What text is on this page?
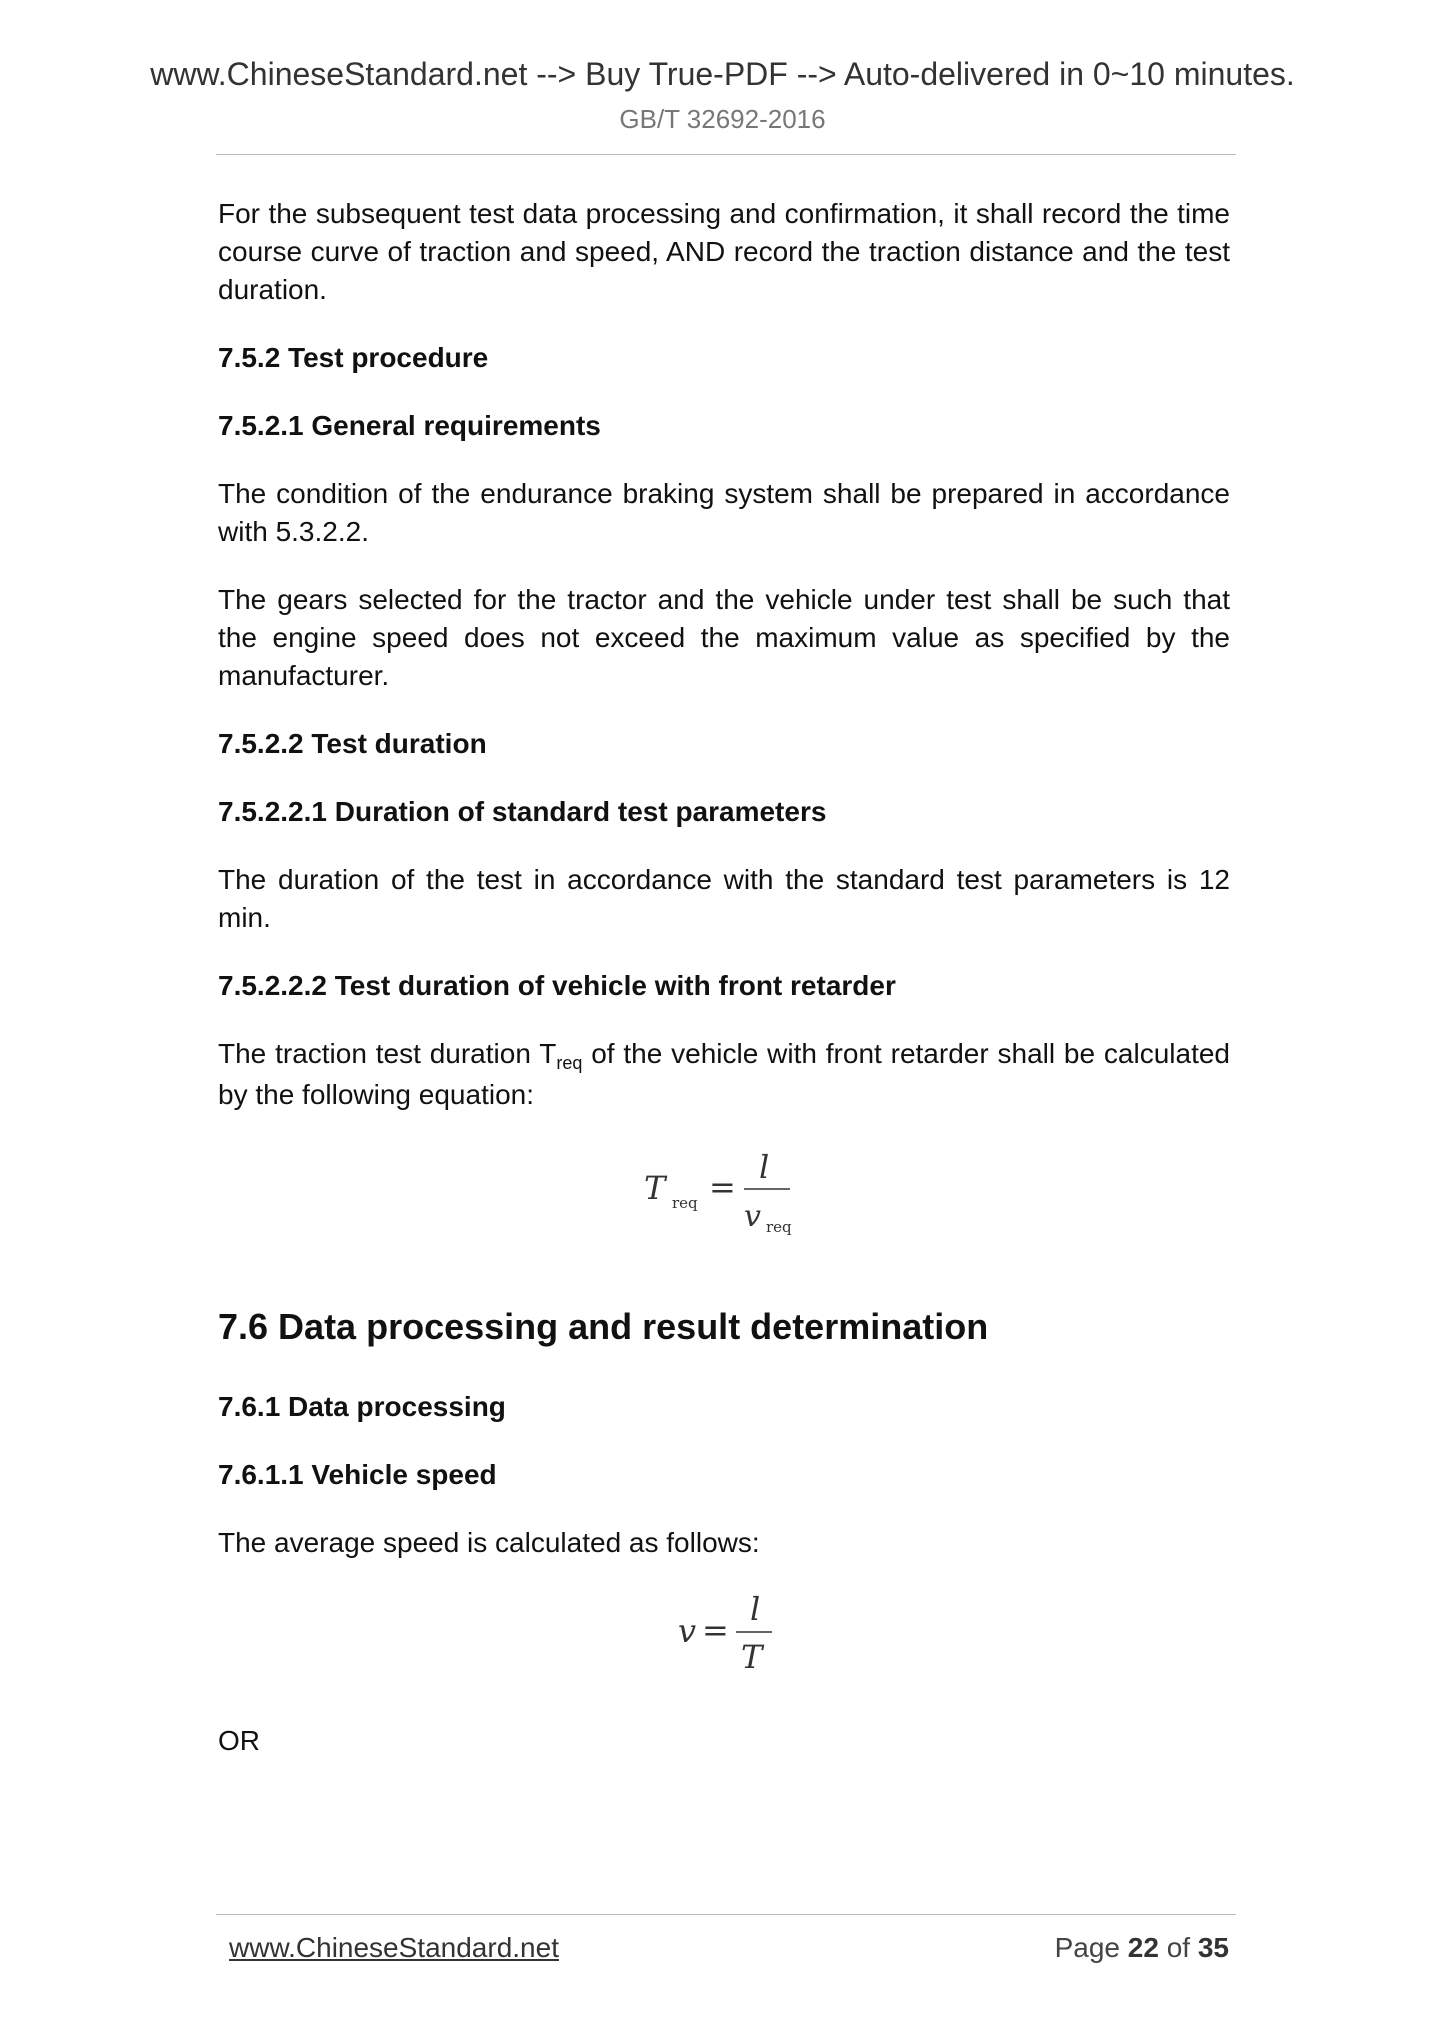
www.ChineseStandard.net --> Buy True-PDF --> Auto-delivered in 0~10 minutes.
GB/T 32692-2016

For the subsequent test data processing and confirmation, it shall record the time course curve of traction and speed, AND record the traction distance and the test duration.

7.5.2 Test procedure
7.5.2.1 General requirements

The condition of the endurance braking system shall be prepared in accordance with 5.3.2.2.

The gears selected for the tractor and the vehicle under test shall be such that the engine speed does not exceed the maximum value as specified by the manufacturer.

7.5.2.2 Test duration
7.5.2.2.1 Duration of standard test parameters

The duration of the test in accordance with the standard test parameters is 12 min.

7.5.2.2.2 Test duration of vehicle with front retarder

The traction test duration $T_{req}$ of the vehicle with front retarder shall be calculated by the following equation:

T req =
l
v req
7.6 Data processing and result determination
7.6.1 Data processing
7.6.1.1 Vehicle speed

The average speed is calculated as follows:

v =
l
T

OR

www.ChineseStandard.net	Page 22 of 35
